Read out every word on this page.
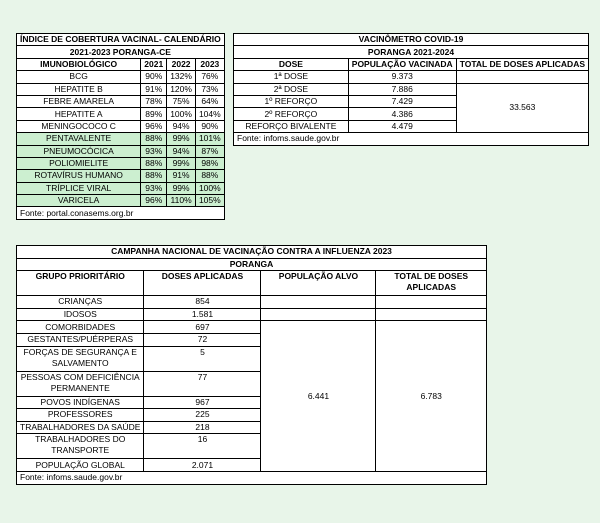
ÍNDICE DE COBERTURA VACINAL- CALENDÁRIO			
2021-2023 PORANGA-CE			
IMUNOBIOLÓGICO	2021	2022	2023
BCG	90%	132%	76%
HEPATITE B	91%	120%	73%
FEBRE AMARELA	78%	75%	64%
HEPATITE A	89%	100%	104%
MENINGOCOCO C	96%	94%	90%
PENTAVALENTE	88%	99%	101%
PNEUMOCÓCICA	93%	94%	87%
POLIOMIELITE	88%	99%	98%
ROTAVÍRUS HUMANO	88%	91%	88%
TRÍPLICE VIRAL	93%	99%	100%
VARICELA	96%	110%	105%
Fonte: portal.conasems.org.br			
VACINÔMETRO COVID-19		
PORANGA 2021-2024		
DOSE	POPULAÇÃO VACINADA	TOTAL DE DOSES APLICADAS
1ª DOSE	9.373	
2ª DOSE	7.886	33.563
1º REFORÇO	7.429	
2º REFORÇO	4.386	
REFORÇO BIVALENTE	4.479	
Fonte: infoms.saude.gov.br		
CAMPANHA NACIONAL DE VACINAÇÃO CONTRA A INFLUENZA 2023			
PORANGA			
GRUPO PRIORITÁRIO	DOSES APLICADAS	POPULAÇÃO ALVO	TOTAL DE DOSES APLICADAS
CRIANÇAS	854		
IDOSOS	1.581		
COMORBIDADES	697	6.441	6.783
GESTANTES/PUÉRPERAS	72		
FORÇAS DE SEGURANÇA E SALVAMENTO	5		
PESSOAS COM DEFICIÊNCIA PERMANENTE	77		
POVOS INDÍGENAS	967		
PROFESSORES	225		
TRABALHADORES DA SAÚDE	218		
TRABALHADORES DO TRANSPORTE	16		
POPULAÇÃO GLOBAL	2.071		
Fonte: infoms.saude.gov.br			
